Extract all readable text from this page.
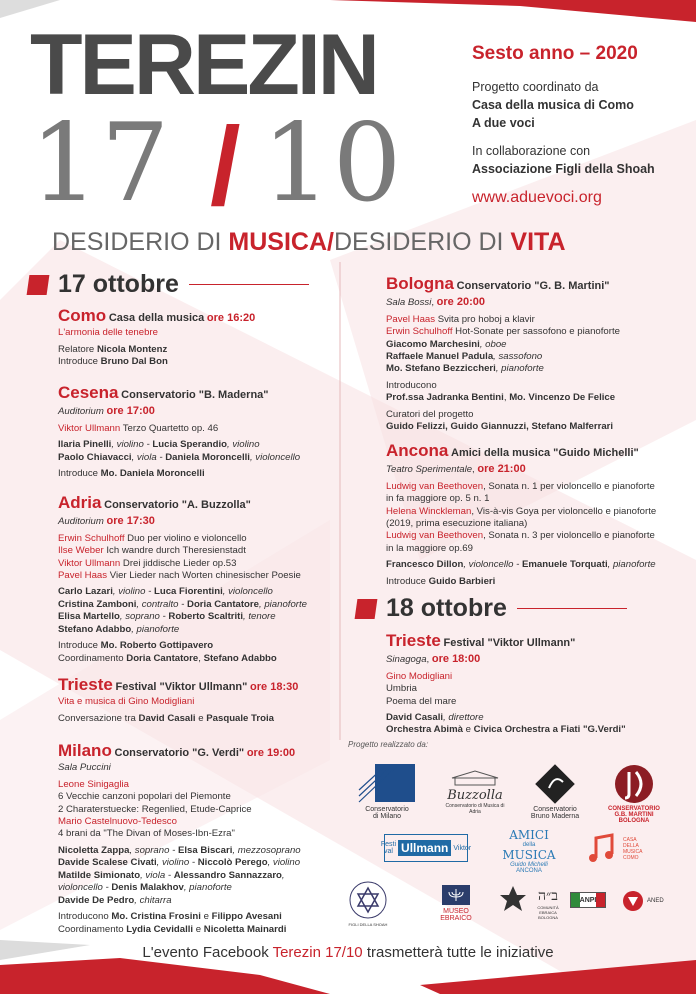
TEREZIN
17 / 10
DESIDERIO DI MUSICA/DESIDERIO DI VITA
Sesto anno – 2020
Progetto coordinato da
Casa della musica di Como
A due voci
In collaborazione con
Associazione Figli della Shoah
www.aduevoci.org
17 ottobre

Como Casa della musica ore 16:20

L'armonia delle tenebre

Relatore Nicola Montenz

Introduce Bruno Dal Bon

Cesena Conservatorio "B. Maderna"

Auditorium ore 17:00

Viktor Ullmann Terzo Quartetto op. 46

Ilaria Pinelli, violino - Lucia Sperandio, violino

Paolo Chiavacci, viola - Daniela Moroncelli, violoncello

Introduce Mo. Daniela Moroncelli

Adria Conservatorio "A. Buzzolla"

Auditorium ore 17:30

Erwin Schulhoff Duo per violino e violoncello

Ilse Weber Ich wandre durch Theresienstadt

Viktor Ullmann Drei jiddische Lieder op.53

Pavel Haas Vier Lieder nach Worten chinesischer Poesie

Carlo Lazari, violino - Luca Fiorentini, violoncello

Cristina Zamboni, contralto - Doria Cantatore, pianoforte

Elisa Martello, soprano - Roberto Scaltriti, tenore

Stefano Adabbo, pianoforte

Introduce Mo. Roberto Gottipavero

Coordinamento Doria Cantatore, Stefano Adabbo

Trieste Festival "Viktor Ullmann" ore 18:30

Vita e musica di Gino Modigliani

Conversazione tra David Casali e Pasquale Troia

Milano Conservatorio "G. Verdi" ore 19:00

Sala Puccini

Leone Sinigaglia

6 Vecchie canzoni popolari del Piemonte

2 Charaterstuecke: Regenlied, Etude-Caprice

Mario Castelnuovo-Tedesco

4 brani da "The Divan of Moses-Ibn-Ezra"

Nicoletta Zappa, soprano - Elsa Biscari, mezzosoprano

Davide Scalese Civati, violino - Niccolò Perego, violino

Matilde Simionato, viola - Alessandro Sannazzaro,

violoncello - Denis Malakhov, pianoforte

Davide De Pedro, chitarra

Introducono Mo. Cristina Frosini e Filippo Avesani

Coordinamento Lydia Cevidalli e Nicoletta Mainardi

Bologna Conservatorio "G. B. Martini"

Sala Bossi, ore 20:00

Pavel Haas Svita pro hoboj a klavir

Erwin Schulhoff Hot-Sonate per sassofono e pianoforte

Giacomo Marchesini, oboe

Raffaele Manuel Padula, sassofono

Mo. Stefano Bezziccheri, pianoforte

Introducono

Prof.ssa Jadranka Bentini, Mo. Vincenzo De Felice

Curatori del progetto

Guido Felizzi, Guido Giannuzzi, Stefano Malferrari

Ancona Amici della musica "Guido Michelli"

Teatro Sperimentale, ore 21:00

Ludwig van Beethoven, Sonata n. 1 per violoncello e pianoforte

in fa maggiore op. 5 n. 1

Helena Winckleman, Vis-à-vis Goya per violoncello e pianoforte

(2019, prima esecuzione italiana)

Ludwig van Beethoven, Sonata n. 3 per violoncello e pianoforte

in la maggiore op.69

Francesco Dillon, violoncello - Emanuele Torquati, pianoforte

Introduce Guido Barbieri

18 ottobre

Trieste Festival "Viktor Ullmann"

Sinagoga, ore 18:00

Gino Modigliani

Umbria

Poema del mare

David Casali, direttore

Orchestra Abimà e Civica Orchestra a Fiati "G.Verdi"

Progetto realizzato da:
Conservatorio
di Milano
Buzzolla
Conservatorio di Musica di Adria	Conservatorio
Bruno Maderna
CONSERVATORIO
G.B. MARTINI
BOLOGNA
Festi
val Ullmann Viktor
AMICI
della
MUSICA
Guido Michelli
ANCONA
CASA
DELLA
MUSICA
COMO
FIGLI DELLA SHOAH
MUSEO
EBRAICO
ב״ה
COMUNITÀ
EBRAICA
BOLOGNA
ANPI	ANED
L'evento Facebook Terezin 17/10 trasmetterà tutte le iniziative
